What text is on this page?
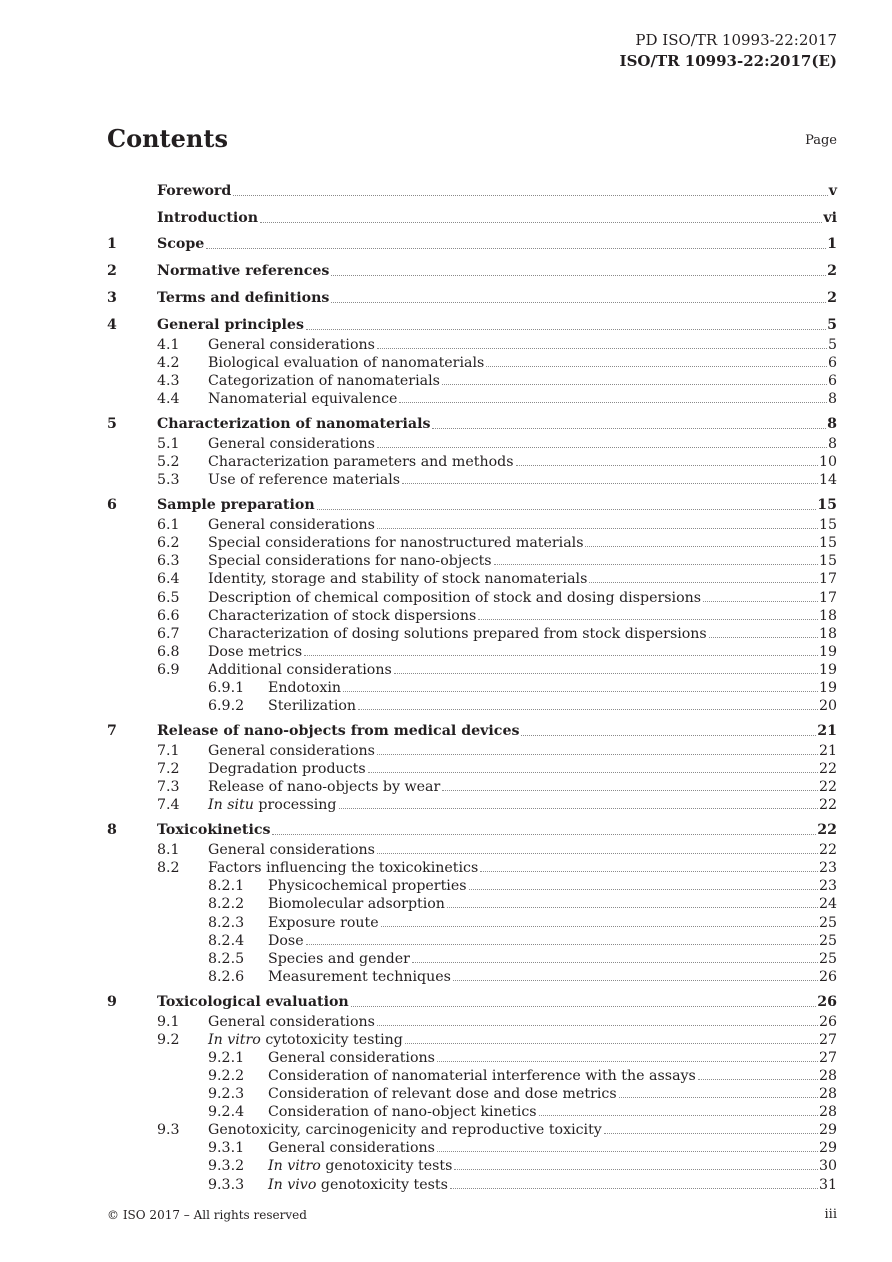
PD ISO/TR 10993-22:2017
ISO/TR 10993-22:2017(E)
Contents	Page
Foreword	v
Introduction	vi
1	Scope	1
2	Normative references	2
3	Terms and definitions	2
4	General principles	5
4.1	General considerations	5
4.2	Biological evaluation of nanomaterials	6
4.3	Categorization of nanomaterials	6
4.4	Nanomaterial equivalence	8
5	Characterization of nanomaterials	8
5.1	General considerations	8
5.2	Characterization parameters and methods	10
5.3	Use of reference materials	14
6	Sample preparation	15
6.1	General considerations	15
6.2	Special considerations for nanostructured materials	15
6.3	Special considerations for nano-objects	15
6.4	Identity, storage and stability of stock nanomaterials	17
6.5	Description of chemical composition of stock and dosing dispersions	17
6.6	Characterization of stock dispersions	18
6.7	Characterization of dosing solutions prepared from stock dispersions	18
6.8	Dose metrics	19
6.9	Additional considerations	19
6.9.1	Endotoxin	19
6.9.2	Sterilization	20
7	Release of nano-objects from medical devices	21
7.1	General considerations	21
7.2	Degradation products	22
7.3	Release of nano-objects by wear	22
7.4	In situ processing	22
8	Toxicokinetics	22
8.1	General considerations	22
8.2	Factors influencing the toxicokinetics	23
8.2.1	Physicochemical properties	23
8.2.2	Biomolecular adsorption	24
8.2.3	Exposure route	25
8.2.4	Dose	25
8.2.5	Species and gender	25
8.2.6	Measurement techniques	26
9	Toxicological evaluation	26
9.1	General considerations	26
9.2	In vitro cytotoxicity testing	27
9.2.1	General considerations	27
9.2.2	Consideration of nanomaterial interference with the assays	28
9.2.3	Consideration of relevant dose and dose metrics	28
9.2.4	Consideration of nano-object kinetics	28
9.3	Genotoxicity, carcinogenicity and reproductive toxicity	29
9.3.1	General considerations	29
9.3.2	In vitro genotoxicity tests	30
9.3.3	In vivo genotoxicity tests	31
© ISO 2017 – All rights reserved	iii
